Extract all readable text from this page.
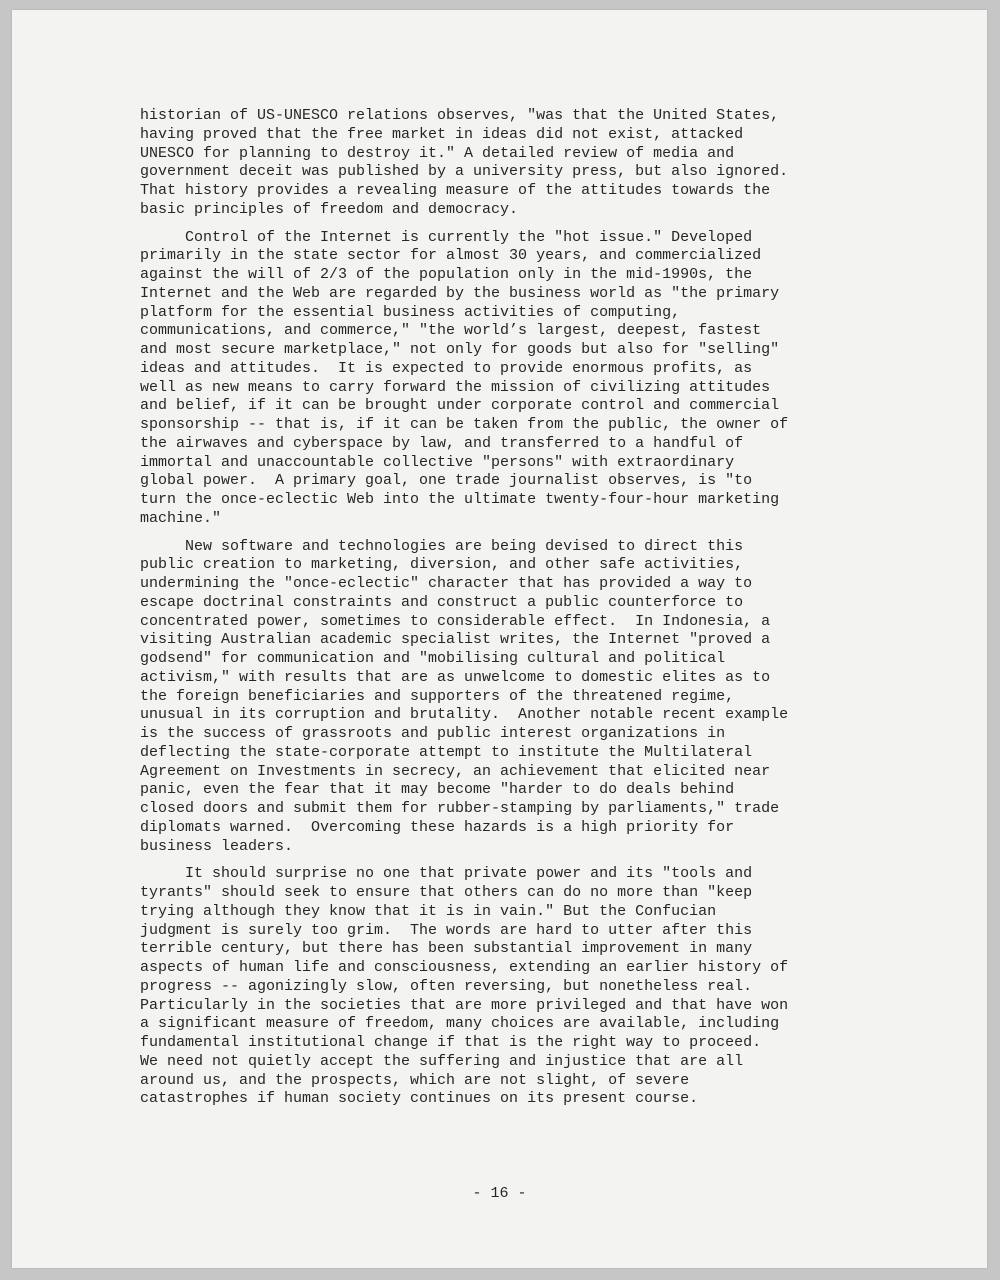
historian of US-UNESCO relations observes, "was that the United States,
having proved that the free market in ideas did not exist, attacked
UNESCO for planning to destroy it." A detailed review of media and
government deceit was published by a university press, but also ignored.
That history provides a revealing measure of the attitudes towards the
basic principles of freedom and democracy.
Control of the Internet is currently the "hot issue." Developed
primarily in the state sector for almost 30 years, and commercialized
against the will of 2/3 of the population only in the mid-1990s, the
Internet and the Web are regarded by the business world as "the primary
platform for the essential business activities of computing,
communications, and commerce," "the world’s largest, deepest, fastest
and most secure marketplace," not only for goods but also for "selling"
ideas and attitudes.  It is expected to provide enormous profits, as
well as new means to carry forward the mission of civilizing attitudes
and belief, if it can be brought under corporate control and commercial
sponsorship -- that is, if it can be taken from the public, the owner of
the airwaves and cyberspace by law, and transferred to a handful of
immortal and unaccountable collective "persons" with extraordinary
global power.  A primary goal, one trade journalist observes, is "to
turn the once-eclectic Web into the ultimate twenty-four-hour marketing
machine."
New software and technologies are being devised to direct this
public creation to marketing, diversion, and other safe activities,
undermining the "once-eclectic" character that has provided a way to
escape doctrinal constraints and construct a public counterforce to
concentrated power, sometimes to considerable effect.  In Indonesia, a
visiting Australian academic specialist writes, the Internet "proved a
godsend" for communication and "mobilising cultural and political
activism," with results that are as unwelcome to domestic elites as to
the foreign beneficiaries and supporters of the threatened regime,
unusual in its corruption and brutality.  Another notable recent example
is the success of grassroots and public interest organizations in
deflecting the state-corporate attempt to institute the Multilateral
Agreement on Investments in secrecy, an achievement that elicited near
panic, even the fear that it may become "harder to do deals behind
closed doors and submit them for rubber-stamping by parliaments," trade
diplomats warned.  Overcoming these hazards is a high priority for
business leaders.
It should surprise no one that private power and its "tools and
tyrants" should seek to ensure that others can do no more than "keep
trying although they know that it is in vain." But the Confucian
judgment is surely too grim.  The words are hard to utter after this
terrible century, but there has been substantial improvement in many
aspects of human life and consciousness, extending an earlier history of
progress -- agonizingly slow, often reversing, but nonetheless real.
Particularly in the societies that are more privileged and that have won
a significant measure of freedom, many choices are available, including
fundamental institutional change if that is the right way to proceed.
We need not quietly accept the suffering and injustice that are all
around us, and the prospects, which are not slight, of severe
catastrophes if human society continues on its present course.
- 16 -
